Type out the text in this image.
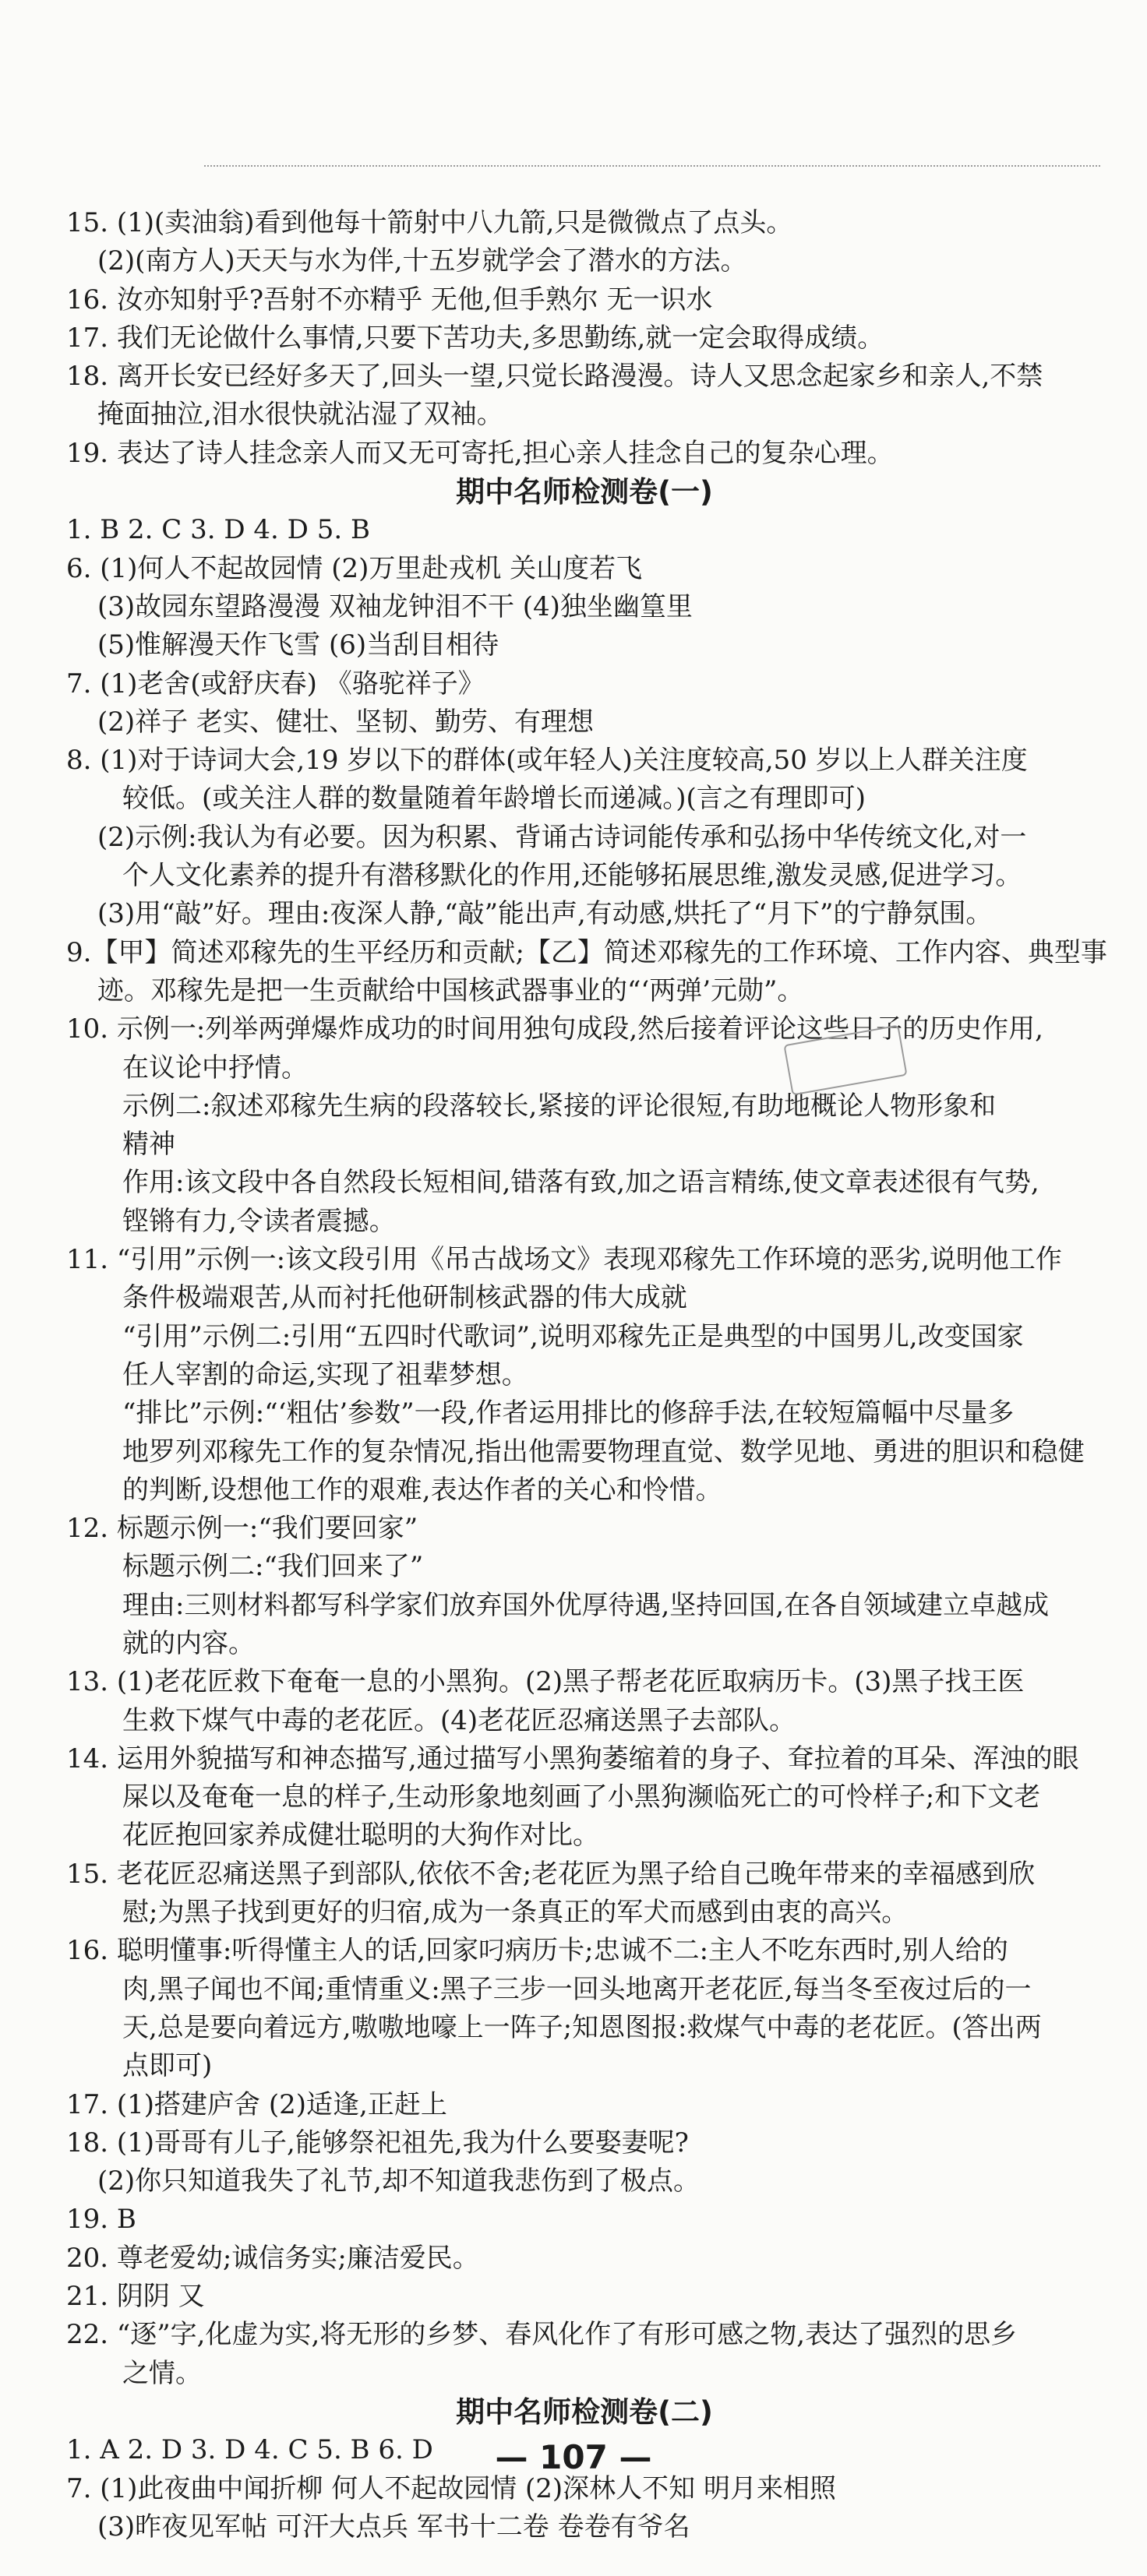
15. (1)(卖油翁)看到他每十箭射中八九箭,只是微微点了点头。
(2)(南方人)天天与水为伴,十五岁就学会了潜水的方法。
16. 汝亦知射乎?吾射不亦精乎 无他,但手熟尔 无一识水
17. 我们无论做什么事情,只要下苦功夫,多思勤练,就一定会取得成绩。
18. 离开长安已经好多天了,回头一望,只觉长路漫漫。诗人又思念起家乡和亲人,不禁
掩面抽泣,泪水很快就沾湿了双袖。
19. 表达了诗人挂念亲人而又无可寄托,担心亲人挂念自己的复杂心理。
期中名师检测卷(一)
1. B 2. C 3. D 4. D 5. B
6. (1)何人不起故园情 (2)万里赴戎机 关山度若飞
(3)故园东望路漫漫 双袖龙钟泪不干 (4)独坐幽篁里
(5)惟解漫天作飞雪 (6)当刮目相待
7. (1)老舍(或舒庆春) 《骆驼祥子》
(2)祥子 老实、健壮、坚韧、勤劳、有理想
8. (1)对于诗词大会,19 岁以下的群体(或年轻人)关注度较高,50 岁以上人群关注度
较低。(或关注人群的数量随着年龄增长而递减。)(言之有理即可)
(2)示例:我认为有必要。因为积累、背诵古诗词能传承和弘扬中华传统文化,对一
个人文化素养的提升有潜移默化的作用,还能够拓展思维,激发灵感,促进学习。
(3)用“敲”好。理由:夜深人静,“敲”能出声,有动感,烘托了“月下”的宁静氛围。
9.【甲】简述邓稼先的生平经历和贡献;【乙】简述邓稼先的工作环境、工作内容、典型事
迹。邓稼先是把一生贡献给中国核武器事业的“‘两弹’元勋”。
10. 示例一:列举两弹爆炸成功的时间用独句成段,然后接着评论这些日子的历史作用,
在议论中抒情。
示例二:叙述邓稼先生病的段落较长,紧接的评论很短,有助地概论人物形象和
精神
作用:该文段中各自然段长短相间,错落有致,加之语言精练,使文章表述很有气势,
铿锵有力,令读者震撼。
11. “引用”示例一:该文段引用《吊古战场文》表现邓稼先工作环境的恶劣,说明他工作
条件极端艰苦,从而衬托他研制核武器的伟大成就
“引用”示例二:引用“五四时代歌词”,说明邓稼先正是典型的中国男儿,改变国家
任人宰割的命运,实现了祖辈梦想。
“排比”示例:“‘粗估’参数”一段,作者运用排比的修辞手法,在较短篇幅中尽量多
地罗列邓稼先工作的复杂情况,指出他需要物理直觉、数学见地、勇进的胆识和稳健
的判断,设想他工作的艰难,表达作者的关心和怜惜。
12. 标题示例一:“我们要回家”
标题示例二:“我们回来了”
理由:三则材料都写科学家们放弃国外优厚待遇,坚持回国,在各自领域建立卓越成
就的内容。
13. (1)老花匠救下奄奄一息的小黑狗。(2)黑子帮老花匠取病历卡。(3)黑子找王医
生救下煤气中毒的老花匠。(4)老花匠忍痛送黑子去部队。
14. 运用外貌描写和神态描写,通过描写小黑狗萎缩着的身子、耷拉着的耳朵、浑浊的眼
屎以及奄奄一息的样子,生动形象地刻画了小黑狗濒临死亡的可怜样子;和下文老
花匠抱回家养成健壮聪明的大狗作对比。
15. 老花匠忍痛送黑子到部队,依依不舍;老花匠为黑子给自己晚年带来的幸福感到欣
慰;为黑子找到更好的归宿,成为一条真正的军犬而感到由衷的高兴。
16. 聪明懂事:听得懂主人的话,回家叼病历卡;忠诚不二:主人不吃东西时,别人给的
肉,黑子闻也不闻;重情重义:黑子三步一回头地离开老花匠,每当冬至夜过后的一
天,总是要向着远方,嗷嗷地嚎上一阵子;知恩图报:救煤气中毒的老花匠。(答出两
点即可)
17. (1)搭建庐舍 (2)适逢,正赶上
18. (1)哥哥有儿子,能够祭祀祖先,我为什么要娶妻呢?
(2)你只知道我失了礼节,却不知道我悲伤到了极点。
19. B
20. 尊老爱幼;诚信务实;廉洁爱民。
21. 阴阴 又
22. “逐”字,化虚为实,将无形的乡梦、春风化作了有形可感之物,表达了强烈的思乡
之情。
期中名师检测卷(二)
1. A 2. D 3. D 4. C 5. B 6. D
7. (1)此夜曲中闻折柳 何人不起故园情 (2)深林人不知 明月来相照
(3)昨夜见军帖 可汗大点兵 军书十二卷 卷卷有爷名
— 107 —
